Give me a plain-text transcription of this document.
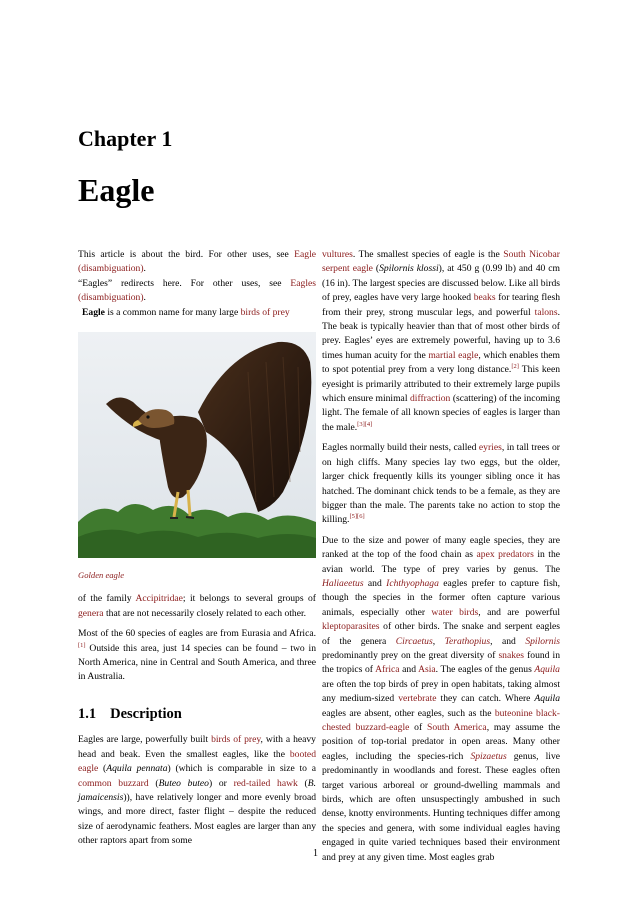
Chapter 1
Eagle

This article is about the bird. For other uses, see Eagle (disambiguation).

“Eagles” redirects here. For other uses, see Eagles (disambiguation).

Eagle is a common name for many large birds of prey

Golden eagle

of the family Accipitridae; it belongs to several groups of genera that are not necessarily closely related to each other.

Most of the 60 species of eagles are from Eurasia and Africa.[1] Outside this area, just 14 species can be found – two in North America, nine in Central and South America, and three in Australia.

1.1 Description

Eagles are large, powerfully built birds of prey, with a heavy head and beak. Even the smallest eagles, like the booted eagle (Aquila pennata) (which is comparable in size to a common buzzard (Buteo buteo) or red-tailed hawk (B. jamaicensis)), have relatively longer and more evenly broad wings, and more direct, faster flight – despite the reduced size of aerodynamic feathers. Most eagles are larger than any other raptors apart from some

vultures. The smallest species of eagle is the South Nicobar serpent eagle (Spilornis klossi), at 450 g (0.99 lb) and 40 cm (16 in). The largest species are discussed below. Like all birds of prey, eagles have very large hooked beaks for tearing flesh from their prey, strong muscular legs, and powerful talons. The beak is typically heavier than that of most other birds of prey. Eagles’ eyes are extremely powerful, having up to 3.6 times human acuity for the martial eagle, which enables them to spot potential prey from a very long distance.[2] This keen eyesight is primarily attributed to their extremely large pupils which ensure minimal diffraction (scattering) of the incoming light. The female of all known species of eagles is larger than the male.[3][4]

Eagles normally build their nests, called eyries, in tall trees or on high cliffs. Many species lay two eggs, but the older, larger chick frequently kills its younger sibling once it has hatched. The dominant chick tends to be a female, as they are bigger than the male. The parents take no action to stop the killing.[5][6]

Due to the size and power of many eagle species, they are ranked at the top of the food chain as apex predators in the avian world. The type of prey varies by genus. The Haliaeetus and Ichthyophaga eagles prefer to capture fish, though the species in the former often capture various animals, especially other water birds, and are powerful kleptoparasites of other birds. The snake and serpent eagles of the genera Circaetus, Terathopius, and Spilornis predominantly prey on the great diversity of snakes found in the tropics of Africa and Asia. The eagles of the genus Aquila are often the top birds of prey in open habitats, taking almost any medium-sized vertebrate they can catch. Where Aquila eagles are absent, other eagles, such as the buteonine black-chested buzzard-eagle of South America, may assume the position of top-torial predator in open areas. Many other eagles, including the species-rich Spizaetus genus, live predominantly in woodlands and forest. These eagles often target various arboreal or ground-dwelling mammals and birds, which are often unsuspectingly ambushed in such dense, knotty environments. Hunting techniques differ among the species and genera, with some individual eagles having engaged in quite varied techniques based their environment and prey at any given time. Most eagles grab

1
